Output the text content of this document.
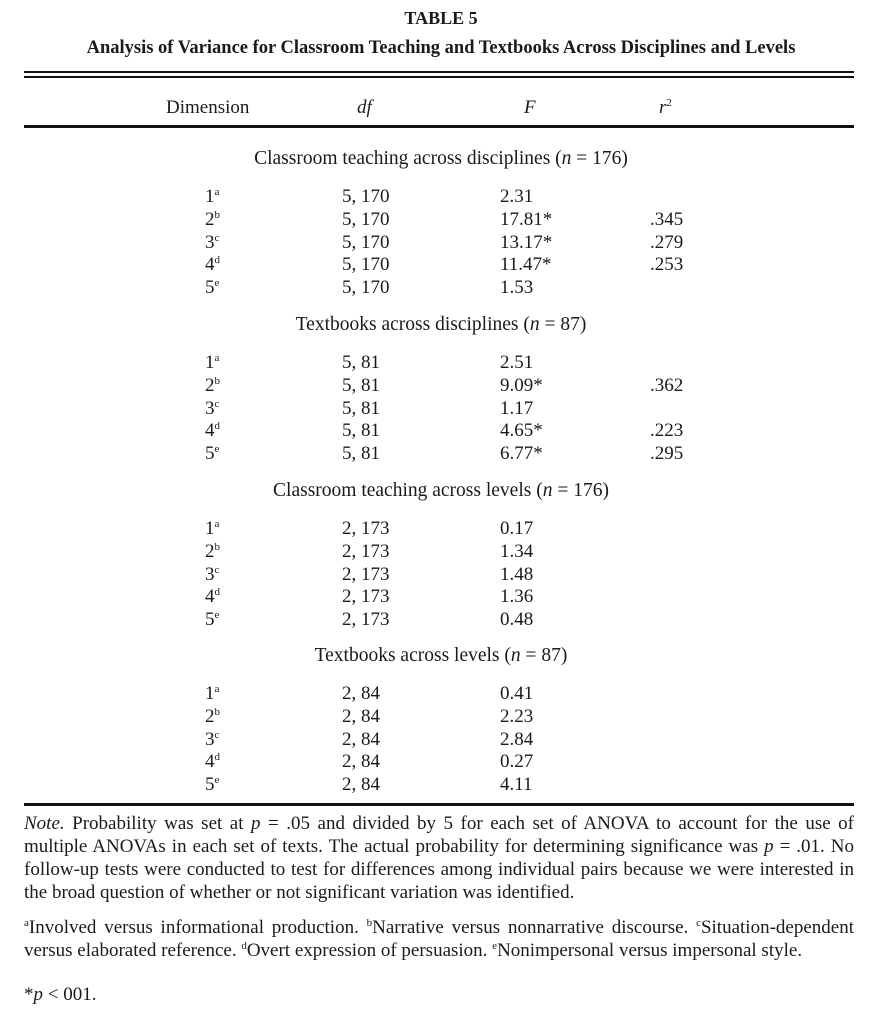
TABLE 5
Analysis of Variance for Classroom Teaching and Textbooks Across Disciplines and Levels
Dimension	df	F	$r^2$
Classroom teaching across disciplines (n = 176)
1$^a$	5, 170	2.31
2$^b$	5, 170	17.81*	.345
3$^c$	5, 170	13.17*	.279
4$^d$	5, 170	11.47*	.253
5e	5, 170	1.53
Textbooks across disciplines (n = 87)
1$^a$	5, 81	2.51
2$^b$	5, 81	9.09*	.362
3$^c$	5, 81	1.17
4$^d$	5, 81	4.65*	.223
5e	5, 81	6.77*	.295
Classroom teaching across levels (n = 176)
1$^a$	2, 173	0.17
2$^b$	2, 173	1.34
3$^c$	2, 173	1.48
4$^d$	2, 173	1.36
5e	2, 173	0.48
Textbooks across levels (n = 87)
1$^a$	2, 84	0.41
2$^b$	2, 84	2.23
3$^c$	2, 84	2.84
4$^d$	2, 84	0.27
5e	2, 84	4.11
Note. Probability was set at p = .05 and divided by 5 for each set of ANOVA to account for the use of multiple ANOVAs in each set of texts. The actual probability for determining significance was p = .01. No follow-up tests were conducted to test for differences among individual pairs because we were interested in the broad question of whether or not significant variation was identified.
$^a$Involved versus informational production. $^b$Narrative versus nonnarrative discourse. $^c$Situation-dependent versus elaborated reference. $^d$Overt expression of persuasion. $^e$Nonimpersonal versus impersonal style.
*p < 001.
